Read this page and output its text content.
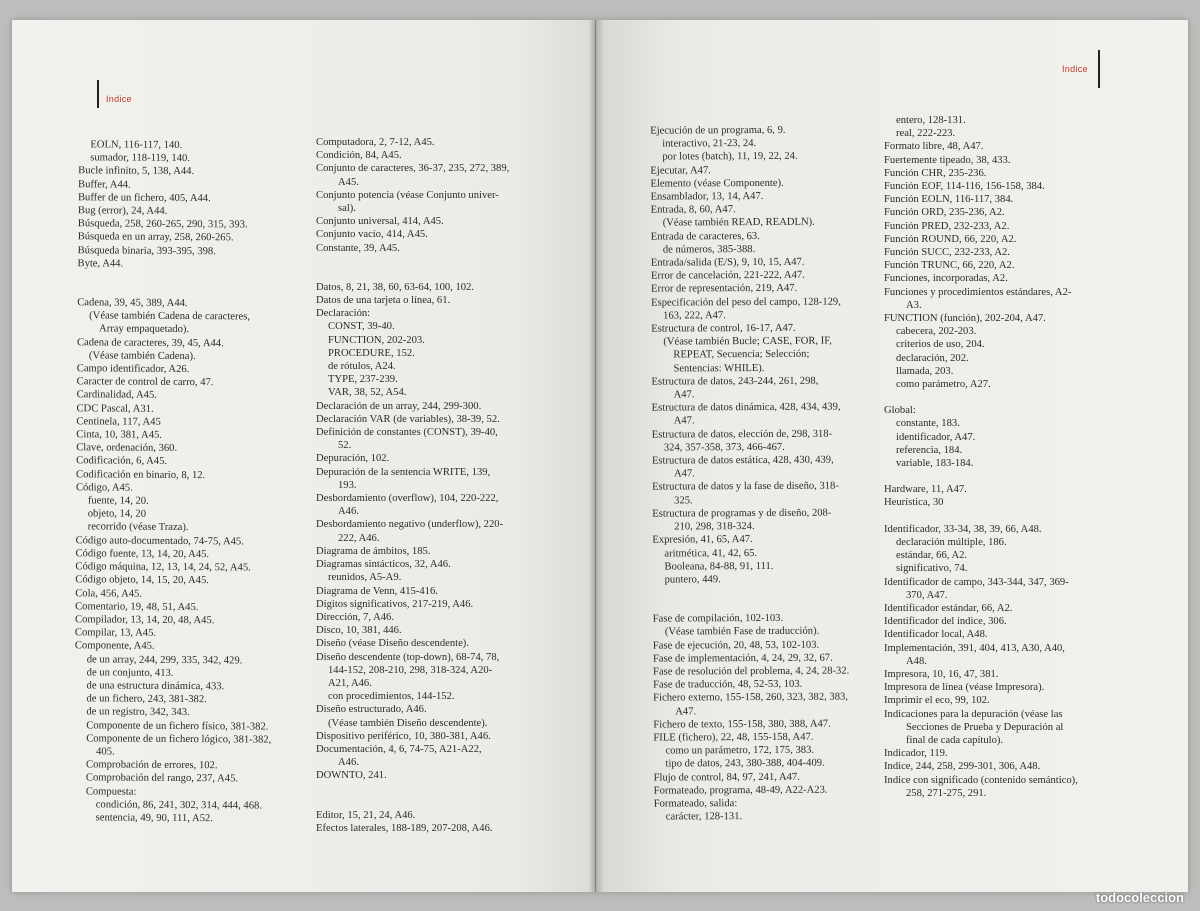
Indice
Indice
EOLN, 116-117, 140.
sumador, 118-119, 140.
Bucle infinito, 5, 138, A44.
Buffer, A44.
Buffer de un fichero, 405, A44.
Bug (error), 24, A44.
Búsqueda, 258, 260-265, 290, 315, 393.
Búsqueda en un array, 258, 260-265.
Búsqueda binaria, 393-395, 398.
Byte, A44.
Cadena, 39, 45, 389, A44.
(Véase también Cadena de caracteres,
Array empaquetado).
Cadena de caracteres, 39, 45, A44.
(Véase también Cadena).
Campo identificador, A26.
Caracter de control de carro, 47.
Cardinalidad, A45.
CDC Pascal, A31.
Centinela, 117, A45
Cinta, 10, 381, A45.
Clave, ordenación, 360.
Codificación, 6, A45.
Codificación en binario, 8, 12.
Código, A45.
fuente, 14, 20.
objeto, 14, 20
recorrido (véase Traza).
Código auto-documentado, 74-75, A45.
Código fuente, 13, 14, 20, A45.
Código máquina, 12, 13, 14, 24, 52, A45.
Código objeto, 14, 15, 20, A45.
Cola, 456, A45.
Comentario, 19, 48, 51, A45.
Compilador, 13, 14, 20, 48, A45.
Compilar, 13, A45.
Componente, A45.
de un array, 244, 299, 335, 342, 429.
de un conjunto, 413.
de una estructura dinámica, 433.
de un fichero, 243, 381-382.
de un registro, 342, 343.
Componente de un fichero físico, 381-382.
Componente de un fichero lógico, 381-382,
405.
Comprobación de errores, 102.
Comprobación del rango, 237, A45.
Compuesta:
condición, 86, 241, 302, 314, 444, 468.
sentencia, 49, 90, 111, A52.
Computadora, 2, 7-12, A45.
Condición, 84, A45.
Conjunto de caracteres, 36-37, 235, 272, 389,
A45.
Conjunto potencia (véase Conjunto univer-
sal).
Conjunto universal, 414, A45.
Conjunto vacío, 414, A45.
Constante, 39, A45.
Datos, 8, 21, 38, 60, 63-64, 100, 102.
Datos de una tarjeta o línea, 61.
Declaración:
CONST, 39-40.
FUNCTION, 202-203.
PROCEDURE, 152.
de rótulos, A24.
TYPE, 237-239.
VAR, 38, 52, A54.
Declaración de un array, 244, 299-300.
Declaración VAR (de variables), 38-39, 52.
Definición de constantes (CONST), 39-40,
52.
Depuración, 102.
Depuración de la sentencia WRITE, 139,
193.
Desbordamiento (overflow), 104, 220-222,
A46.
Desbordamiento negativo (underflow), 220-
222, A46.
Diagrama de ámbitos, 185.
Diagramas sintácticos, 32, A46.
reunidos, A5-A9.
Diagrama de Venn, 415-416.
Dígitos significativos, 217-219, A46.
Dirección, 7, A46.
Disco, 10, 381, 446.
Diseño (véase Diseño descendente).
Diseño descendente (top-down), 68-74, 78,
144-152, 208-210, 298, 318-324, A20-
A21, A46.
con procedimientos, 144-152.
Diseño estructurado, A46.
(Véase también Diseño descendente).
Dispositivo periférico, 10, 380-381, A46.
Documentación, 4, 6, 74-75, A21-A22,
A46.
DOWNTO, 241.
Editor, 15, 21, 24, A46.
Efectos laterales, 188-189, 207-208, A46.
Ejecución de un programa, 6, 9.
interactivo, 21-23, 24.
por lotes (batch), 11, 19, 22, 24.
Ejecutar, A47.
Elemento (véase Componente).
Ensamblador, 13, 14, A47.
Entrada, 8, 60, A47.
(Véase también READ, READLN).
Entrada de caracteres, 63.
de números, 385-388.
Entrada/salida (E/S), 9, 10, 15, A47.
Error de cancelación, 221-222, A47.
Error de representación, 219, A47.
Especificación del peso del campo, 128-129,
163, 222, A47.
Estructura de control, 16-17, A47.
(Véase también Bucle; CASE, FOR, IF,
REPEAT, Secuencia; Selección;
Sentencias: WHILE).
Estructura de datos, 243-244, 261, 298,
A47.
Estructura de datos dinámica, 428, 434, 439,
A47.
Estructura de datos, elección de, 298, 318-
324, 357-358, 373, 466-467.
Estructura de datos estática, 428, 430, 439,
A47.
Estructura de datos y la fase de diseño, 318-
325.
Estructura de programas y de diseño, 208-
210, 298, 318-324.
Expresión, 41, 65, A47.
aritmética, 41, 42, 65.
Booleana, 84-88, 91, 111.
puntero, 449.
Fase de compilación, 102-103.
(Véase también Fase de traducción).
Fase de ejecución, 20, 48, 53, 102-103.
Fase de implementación, 4, 24, 29, 32, 67.
Fase de resolución del problema, 4, 24, 28-32.
Fase de traducción, 48, 52-53, 103.
Fichero externo, 155-158, 260, 323, 382, 383,
A47.
Fichero de texto, 155-158, 380, 388, A47.
FILE (fichero), 22, 48, 155-158, A47.
como un parámetro, 172, 175, 383.
tipo de datos, 243, 380-388, 404-409.
Flujo de control, 84, 97, 241, A47.
Formateado, programa, 48-49, A22-A23.
Formateado, salida:
carácter, 128-131.
entero, 128-131.
real, 222-223.
Formato libre, 48, A47.
Fuertemente tipeado, 38, 433.
Función CHR, 235-236.
Función EOF, 114-116, 156-158, 384.
Función EOLN, 116-117, 384.
Función ORD, 235-236, A2.
Función PRED, 232-233, A2.
Función ROUND, 66, 220, A2.
Función SUCC, 232-233, A2.
Función TRUNC, 66, 220, A2.
Funciones, incorporadas, A2.
Funciones y procedimientos estándares, A2-
A3.
FUNCTION (función), 202-204, A47.
cabecera, 202-203.
criterios de uso, 204.
declaración, 202.
llamada, 203.
como parámetro, A27.
Global:
constante, 183.
identificador, A47.
referencia, 184.
variable, 183-184.
Hardware, 11, A47.
Heurística, 30
Identificador, 33-34, 38, 39, 66, A48.
declaración múltiple, 186.
estándar, 66, A2.
significativo, 74.
Identificador de campo, 343-344, 347, 369-
370, A47.
Identificador estándar, 66, A2.
Identificador del índice, 306.
Identificador local, A48.
Implementación, 391, 404, 413, A30, A40,
A48.
Impresora, 10, 16, 47, 381.
Impresora de línea (véase Impresora).
Imprimir el eco, 99, 102.
Indicaciones para la depuración (véase las
Secciones de Prueba y Depuración al
final de cada capítulo).
Indicador, 119.
Indice, 244, 258, 299-301, 306, A48.
Indice con significado (contenido semántico),
258, 271-275, 291.
todocoleccion
